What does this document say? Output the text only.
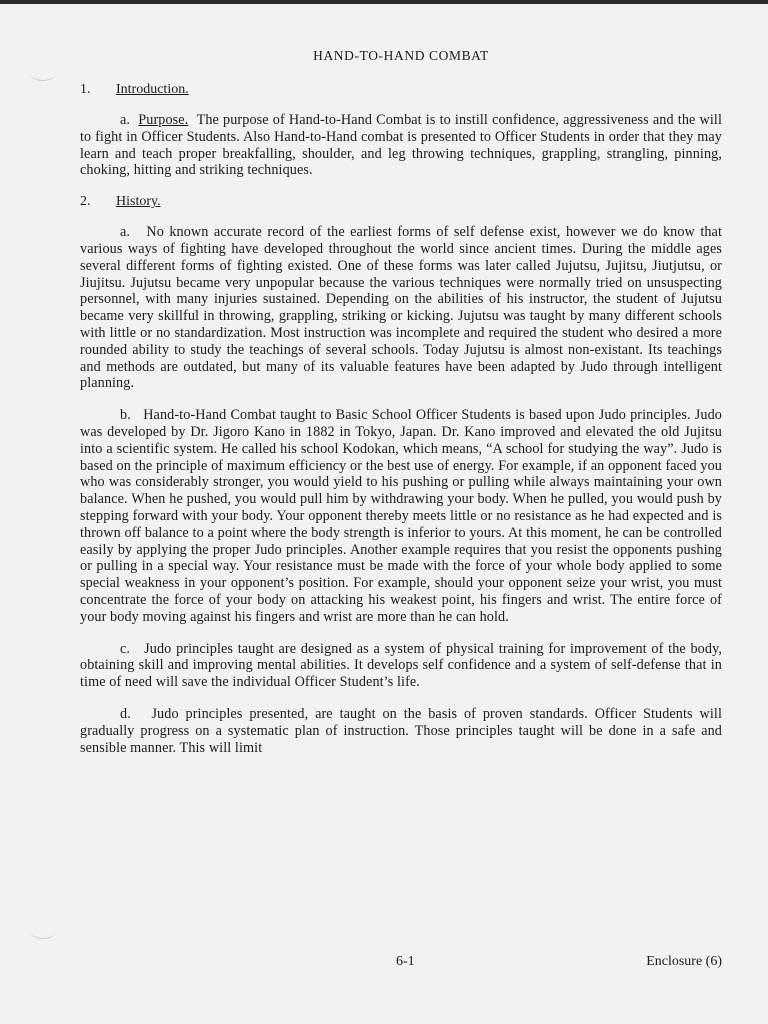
HAND-TO-HAND COMBAT
1. Introduction.

a. Purpose. The purpose of Hand-to-Hand Combat is to instill confidence, aggressiveness and the will to fight in Officer Students. Also Hand-to-Hand combat is presented to Officer Students in order that they may learn and teach proper breakfalling, shoulder, and leg throwing techniques, grappling, strangling, pinning, choking, hitting and striking techniques.

2. History.

a. No known accurate record of the earliest forms of self defense exist, however we do know that various ways of fighting have developed throughout the world since ancient times. During the middle ages several different forms of fighting existed. One of these forms was later called Jujutsu, Jujitsu, Jiutjutsu, or Jiujitsu. Jujutsu became very unpopular because the various techniques were normally tried on unsuspecting personnel, with many injuries sustained. Depending on the abilities of his instructor, the student of Jujutsu became very skillful in throwing, grappling, striking or kicking. Jujutsu was taught by many different schools with little or no standardization. Most instruction was incomplete and required the student who desired a more rounded ability to study the teachings of several schools. Today Jujutsu is almost non-existant. Its teachings and methods are outdated, but many of its valuable features have been adapted by Judo through intelligent planning.

b. Hand-to-Hand Combat taught to Basic School Officer Students is based upon Judo principles. Judo was developed by Dr. Jigoro Kano in 1882 in Tokyo, Japan. Dr. Kano improved and elevated the old Jujitsu into a scientific system. He called his school Kodokan, which means, “A school for studying the way”. Judo is based on the principle of maximum efficiency or the best use of energy. For example, if an opponent faced you who was considerably stronger, you would yield to his pushing or pulling while always maintaining your own balance. When he pushed, you would pull him by withdrawing your body. When he pulled, you would push by stepping forward with your body. Your opponent thereby meets little or no resistance as he had expected and is thrown off balance to a point where the body strength is inferior to yours. At this moment, he can be controlled easily by applying the proper Judo principles. Another example requires that you resist the opponents pushing or pulling in a special way. Your resistance must be made with the force of your whole body applied to some special weakness in your opponent’s position. For example, should your opponent seize your wrist, you must concentrate the force of your body on attacking his weakest point, his fingers and wrist. The entire force of your body moving against his fingers and wrist are more than he can hold.

c. Judo principles taught are designed as a system of physical training for improvement of the body, obtaining skill and improving mental abilities. It develops self confidence and a system of self-defense that in time of need will save the individual Officer Student’s life.

d. Judo principles presented, are taught on the basis of proven standards. Officer Students will gradually progress on a systematic plan of instruction. Those principles taught will be done in a safe and sensible manner. This will limit

6-1	Enclosure (6)
